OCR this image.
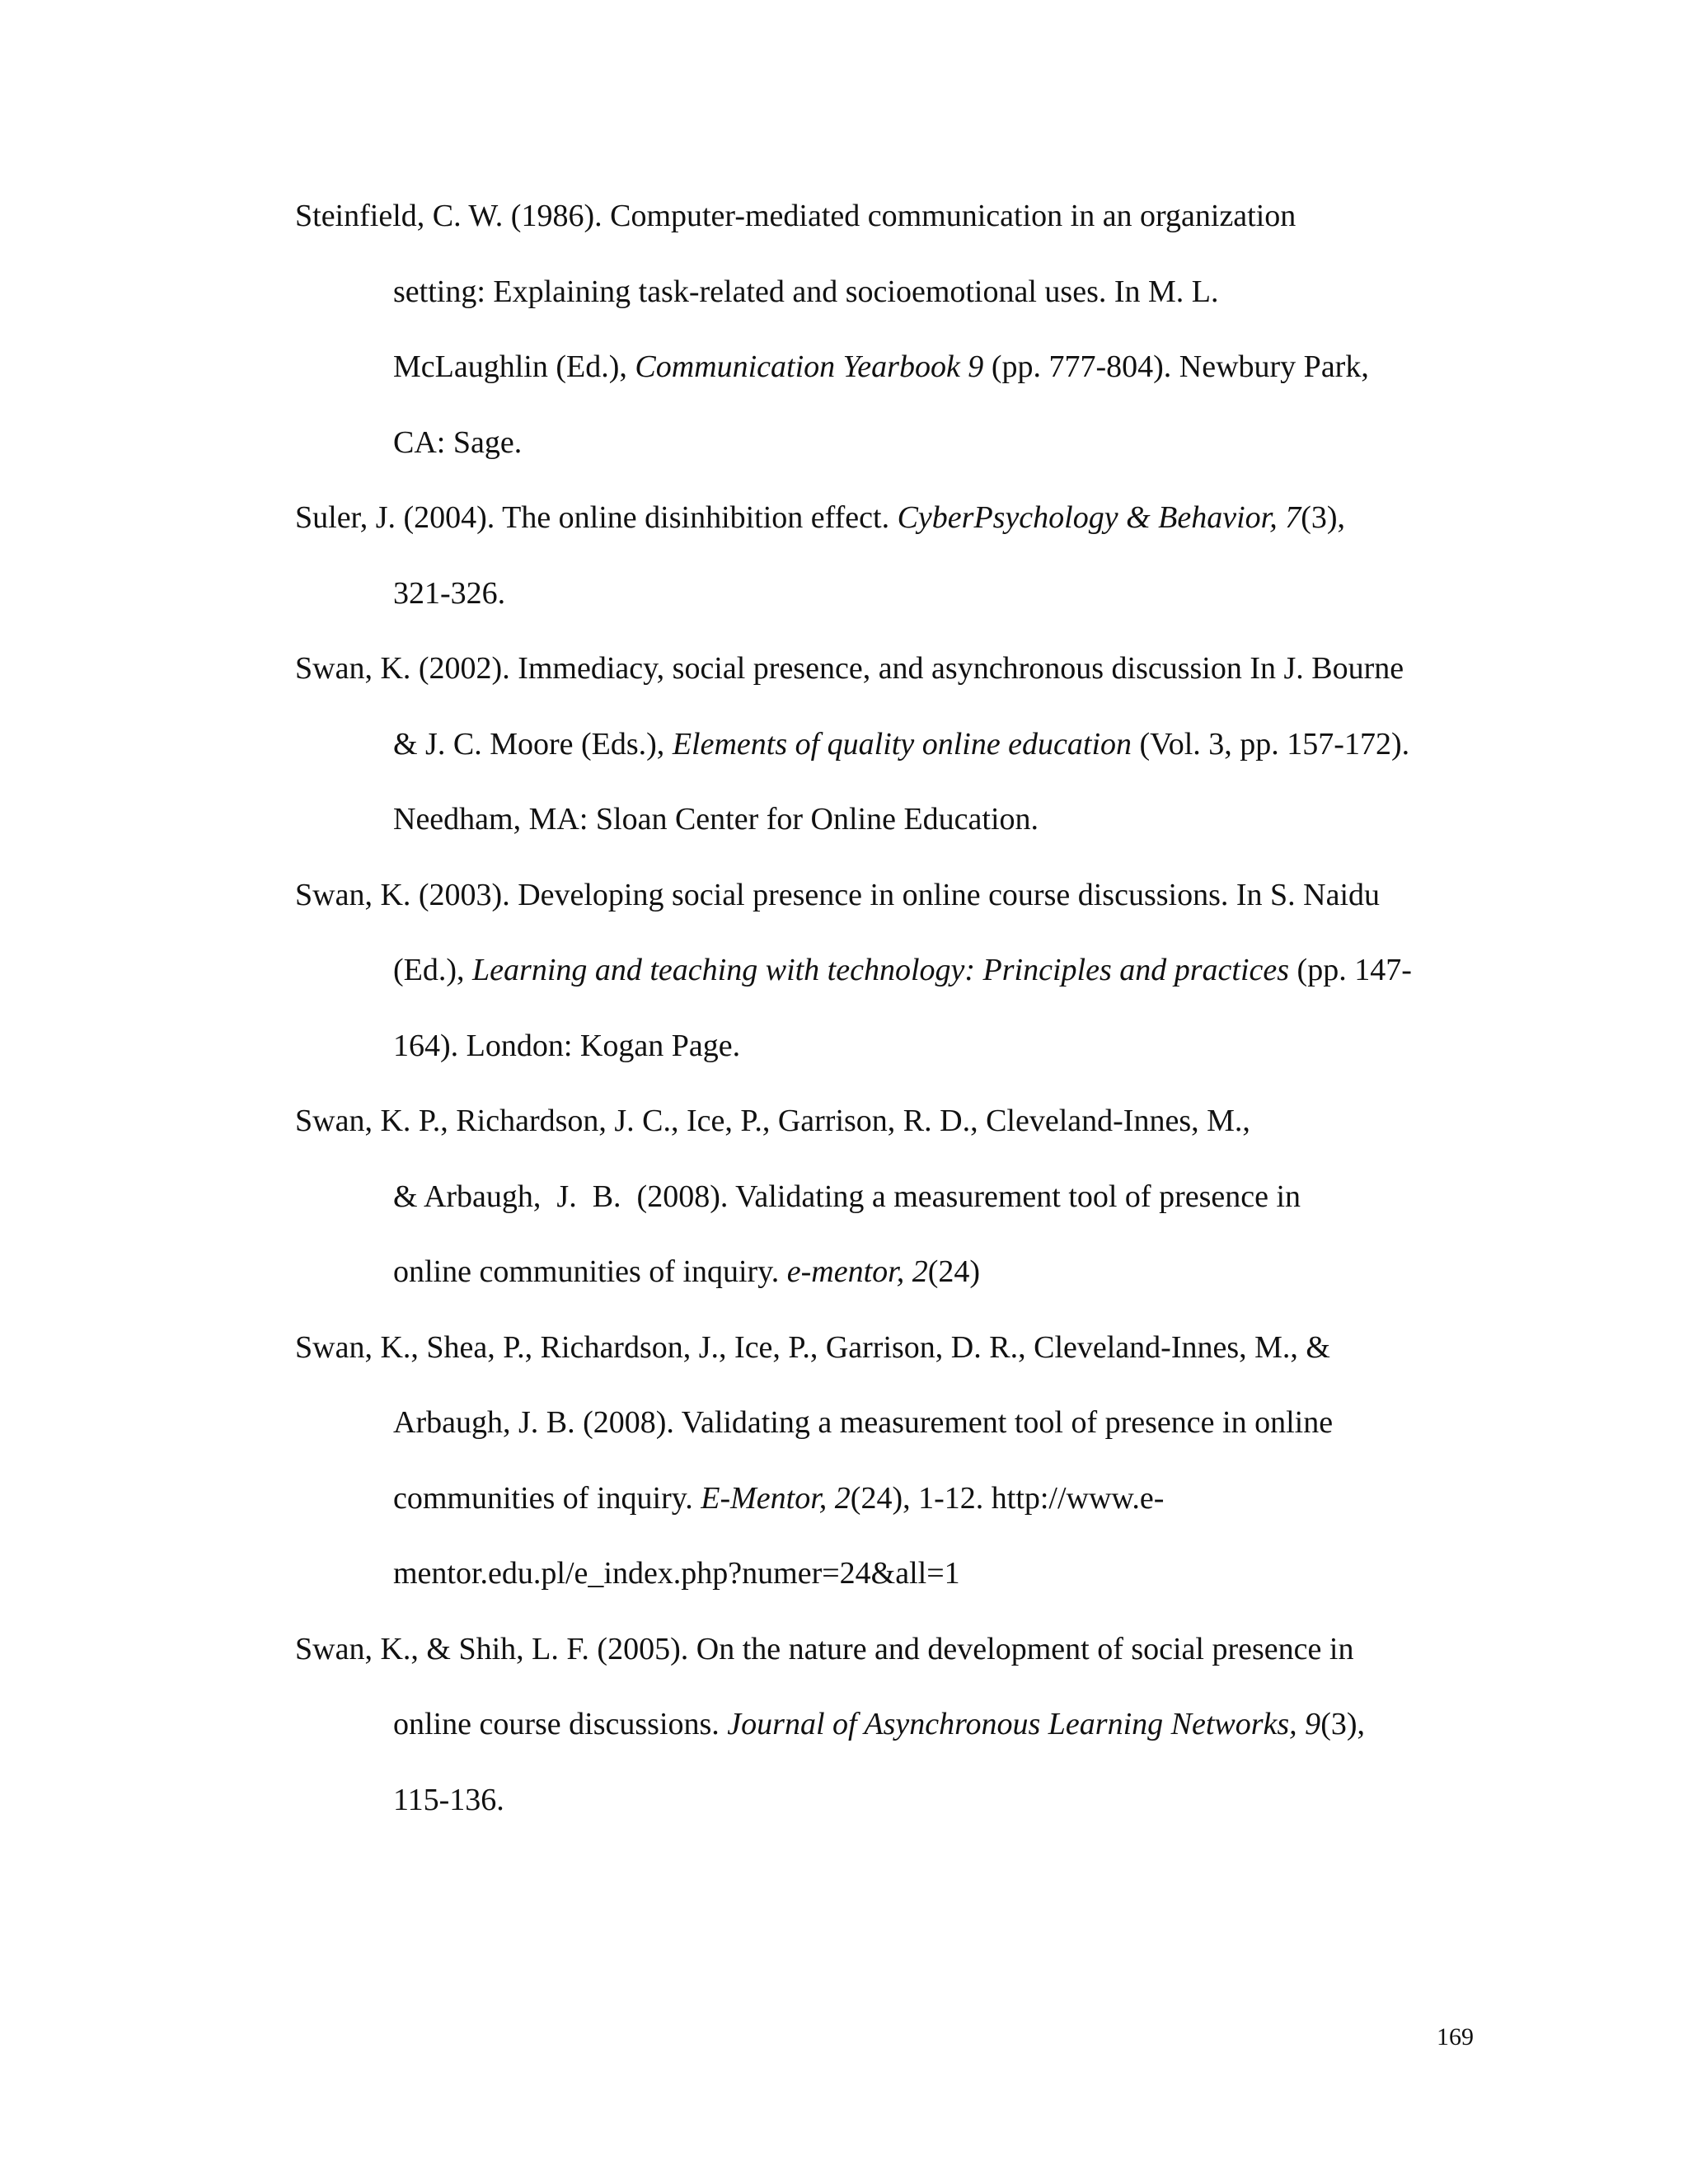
Steinfield, C. W. (1986). Computer-mediated communication in an organization
setting: Explaining task-related and socioemotional uses. In M. L.
McLaughlin (Ed.), Communication Yearbook 9 (pp. 777-804). Newbury Park,
CA: Sage.
Suler, J. (2004). The online disinhibition effect. CyberPsychology & Behavior, 7(3),
321-326.
Swan, K. (2002). Immediacy, social presence, and asynchronous discussion In J. Bourne
& J. C. Moore (Eds.), Elements of quality online education (Vol. 3, pp. 157-172).
Needham, MA: Sloan Center for Online Education.
Swan, K. (2003). Developing social presence in online course discussions. In S. Naidu
(Ed.), Learning and teaching with technology: Principles and practices (pp. 147-
164). London: Kogan Page.
Swan, K. P., Richardson, J. C., Ice, P., Garrison, R. D., Cleveland-Innes, M.,
& Arbaugh,  J.  B.  (2008). Validating a measurement tool of presence in
online communities of inquiry. e-mentor, 2(24)
Swan, K., Shea, P., Richardson, J., Ice, P., Garrison, D. R., Cleveland-Innes, M., &
Arbaugh, J. B. (2008). Validating a measurement tool of presence in online
communities of inquiry. E-Mentor, 2(24), 1-12. http://www.e-
mentor.edu.pl/e_index.php?numer=24&all=1
Swan, K., & Shih, L. F. (2005). On the nature and development of social presence in
online course discussions. Journal of Asynchronous Learning Networks, 9(3),
115-136.
169
